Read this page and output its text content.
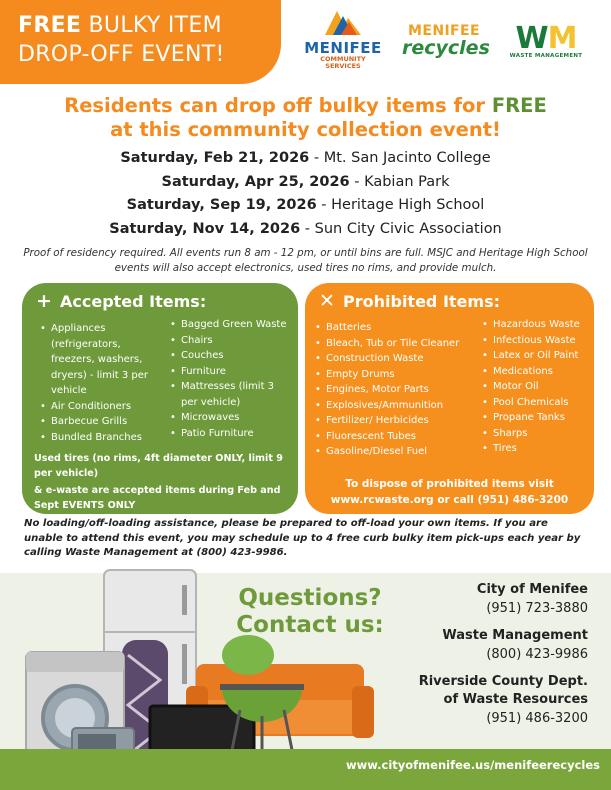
FREE BULKY ITEM
DROP-OFF EVENT!	MENIFEE
COMMUNITY
SERVICES
MENIFEE
recycles WM
WASTE MANAGEMENT
Residents can drop off bulky items for FREE
at this community collection event!
Saturday, Feb 21, 2026 - Mt. San Jacinto College
Saturday, Apr 25, 2026 - Kabian Park
Saturday, Sep 19, 2026 - Heritage High School
Saturday, Nov 14, 2026 - Sun City Civic Association
Proof of residency required. All events run 8 am - 12 pm, or until bins are full. MSJC and Heritage High School events will also accept electronics, used tires no rims, and provide mulch.
+ Accepted Items:
• Appliances (refrigerators, freezers, washers, dryers) - limit 3 per vehicle
• Air Conditioners
• Barbecue Grills
• Bundled Branches
• Bagged Green Waste
• Chairs
• Couches
• Furniture
• Mattresses (limit 3 per vehicle)
• Microwaves
• Patio Furniture
Used tires (no rims, 4ft diameter ONLY, limit 9 per vehicle)
& e-waste are accepted items during Feb and Sept EVENTS ONLY
✕ Prohibited Items:
• Batteries
• Bleach, Tub or Tile Cleaner
• Construction Waste
• Empty Drums
• Engines, Motor Parts
• Explosives/Ammunition
• Fertilizer/ Herbicides
• Fluorescent Tubes
• Gasoline/Diesel Fuel
• Hazardous Waste
• Infectious Waste
• Latex or Oil Paint
• Medications
• Motor Oil
• Pool Chemicals
• Propane Tanks
• Sharps
• Tires
To dispose of prohibited items visit
www.rcwaste.org or call (951) 486-3200
No loading/off-loading assistance, please be prepared to off-load your own items. If you are unable to attend this event, you may schedule up to 4 free curb bulky item pick-ups each year by calling Waste Management at (800) 423-9986.
www.cityofmenifee.us/menifeerecycles
Questions?
Contact us:
City of Menifee
(951) 723-3880
Waste Management
(800) 423-9986
Riverside County Dept. of Waste Resources
(951) 486-3200
